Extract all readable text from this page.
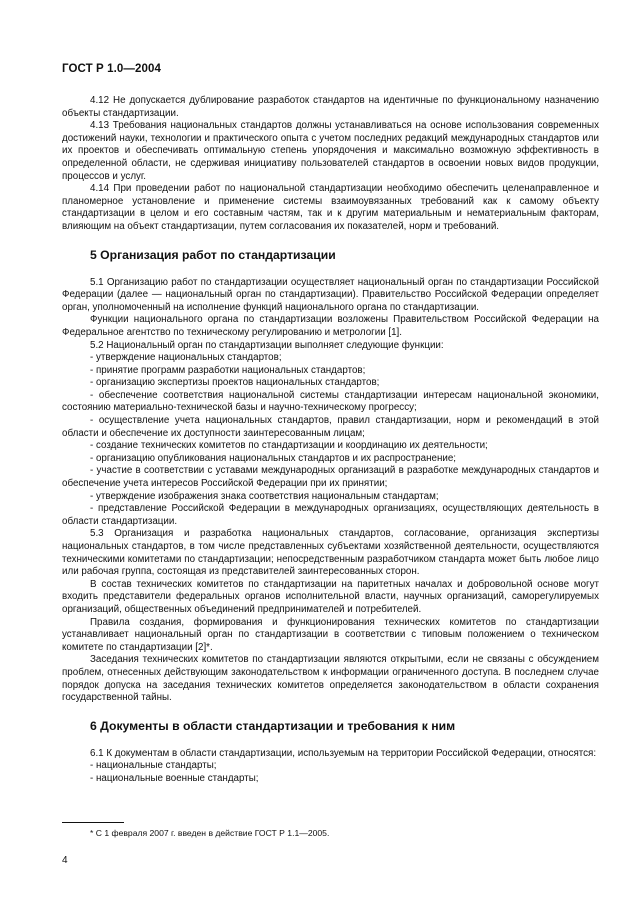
ГОСТ Р 1.0—2004

4.12 Не допускается дублирование разработок стандартов на идентичные по функциональному назначению объекты стандартизации.

4.13 Требования национальных стандартов должны устанавливаться на основе использования современных достижений науки, технологии и практического опыта с учетом последних редакций международных стандартов или их проектов и обеспечивать оптимальную степень упорядочения и максимально возможную эффективность в определенной области, не сдерживая инициативу пользователей стандартов в освоении новых видов продукции, процессов и услуг.

4.14 При проведении работ по национальной стандартизации необходимо обеспечить целенаправленное и планомерное установление и применение системы взаимоувязанных требований как к самому объекту стандартизации в целом и его составным частям, так и к другим материальным и нематериальным факторам, влияющим на объект стандартизации, путем согласования их показателей, норм и требований.

5 Организация работ по стандартизации

5.1 Организацию работ по стандартизации осуществляет национальный орган по стандартизации Российской Федерации (далее — национальный орган по стандартизации). Правительство Российской Федерации определяет орган, уполномоченный на исполнение функций национального органа по стандартизации.

Функции национального органа по стандартизации возложены Правительством Российской Федерации на Федеральное агентство по техническому регулированию и метрологии [1].

5.2 Национальный орган по стандартизации выполняет следующие функции:

- утверждение национальных стандартов;

- принятие программ разработки национальных стандартов;

- организацию экспертизы проектов национальных стандартов;

- обеспечение соответствия национальной системы стандартизации интересам национальной экономики, состоянию материально-технической базы и научно-техническому прогрессу;

- осуществление учета национальных стандартов, правил стандартизации, норм и рекомендаций в этой области и обеспечение их доступности заинтересованным лицам;

- создание технических комитетов по стандартизации и координацию их деятельности;

- организацию опубликования национальных стандартов и их распространение;

- участие в соответствии с уставами международных организаций в разработке международных стандартов и обеспечение учета интересов Российской Федерации при их принятии;

- утверждение изображения знака соответствия национальным стандартам;

- представление Российской Федерации в международных организациях, осуществляющих деятельность в области стандартизации.

5.3 Организация и разработка национальных стандартов, согласование, организация экспертизы национальных стандартов, в том числе представленных субъектами хозяйственной деятельности, осуществляются техническими комитетами по стандартизации; непосредственным разработчиком стандарта может быть любое лицо или рабочая группа, состоящая из представителей заинтересованных сторон.

В состав технических комитетов по стандартизации на паритетных началах и добровольной основе могут входить представители федеральных органов исполнительной власти, научных организаций, саморегулируемых организаций, общественных объединений предпринимателей и потребителей.

Правила создания, формирования и функционирования технических комитетов по стандартизации устанавливает национальный орган по стандартизации в соответствии с типовым положением о техническом комитете по стандартизации [2]*.

Заседания технических комитетов по стандартизации являются открытыми, если не связаны с обсуждением проблем, отнесенных действующим законодательством к информации ограниченного доступа. В последнем случае порядок допуска на заседания технических комитетов определяется законодательством в области сохранения государственной тайны.

6 Документы в области стандартизации и требования к ним

6.1 К документам в области стандартизации, используемым на территории Российской Федерации, относятся:

- национальные стандарты;

- национальные военные стандарты;

* С 1 февраля 2007 г. введен в действие ГОСТ Р 1.1—2005.
4
